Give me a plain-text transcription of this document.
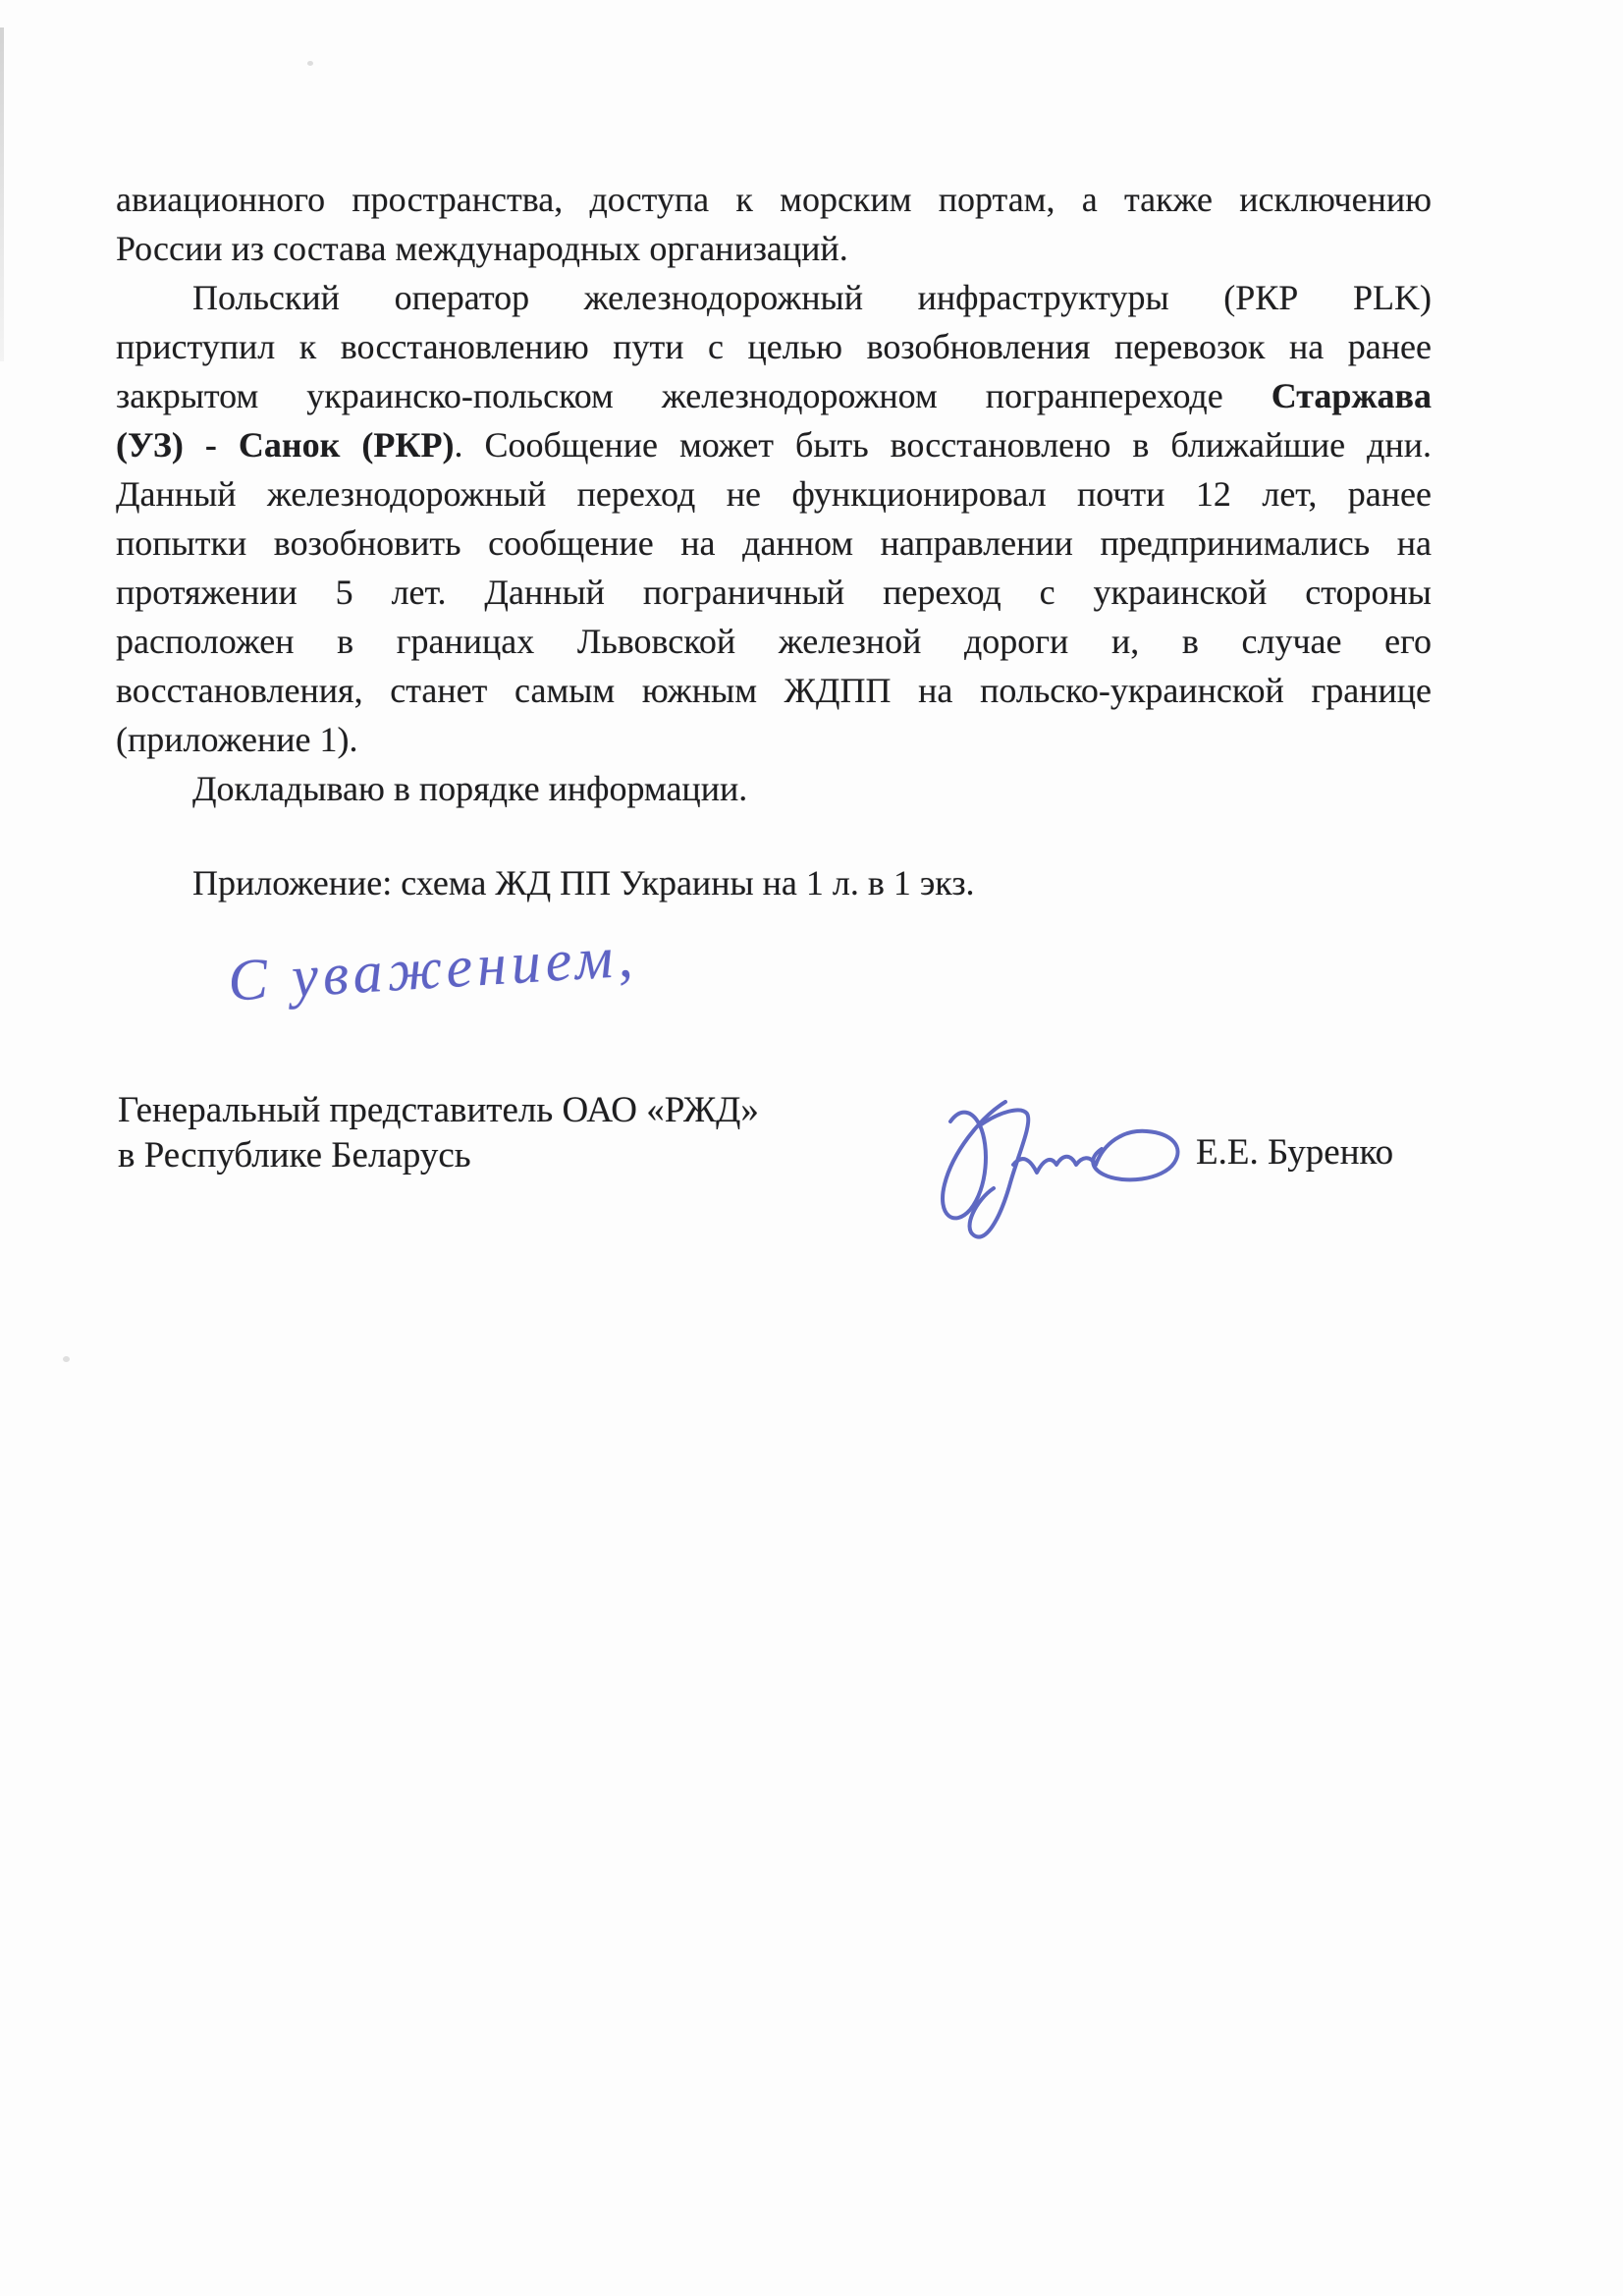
авиационного пространства, доступа к морским портам, а также исключению
России из состава международных организаций.
Польский оператор железнодорожный инфраструктуры (РКР PLK)
приступил к восстановлению пути с целью возобновления перевозок на ранее
закрытом украинско-польском железнодорожном погранпереходе Старжава
(УЗ) - Санок (РКР). Сообщение может быть восстановлено в ближайшие дни.
Данный железнодорожный переход не функционировал почти 12 лет, ранее
попытки возобновить сообщение на данном направлении предпринимались на
протяжении 5 лет. Данный пограничный переход с украинской стороны
расположен в границах Львовской железной дороги и, в случае его
восстановления, станет самым южным ЖДПП на польско-украинской границе
(приложение 1).
Докладываю в порядке информации.
Приложение: схема ЖД ПП Украины на 1 л. в 1 экз.
С уважением,
Генеральный представитель ОАО «РЖД»
в Республике Беларусь	Е.Е. Буренко
